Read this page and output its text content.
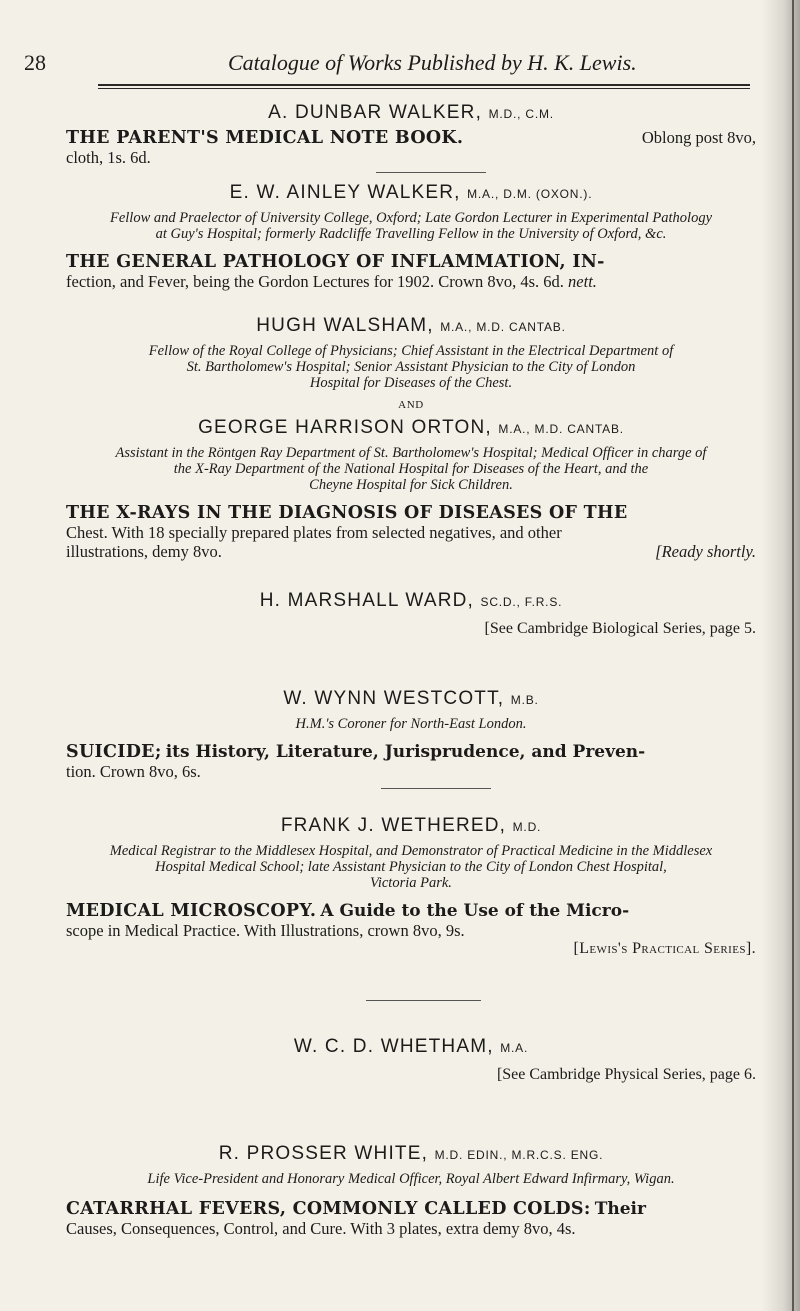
28	Catalogue of Works Published by H. K. Lewis.
A. DUNBAR WALKER, M.D., C.M.
THE PARENT'S MEDICAL NOTE BOOK.	Oblong post 8vo,

cloth, 1s. 6d.
E. W. AINLEY WALKER, M.A., D.M. (OXON.).
Fellow and Praelector of University College, Oxford; Late Gordon Lecturer in Experimental Pathology
at Guy's Hospital; formerly Radcliffe Travelling Fellow in the University of Oxford, &c.
THE GENERAL PATHOLOGY OF INFLAMMATION, IN-
fection, and Fever, being the Gordon Lectures for 1902. Crown 8vo, 4s. 6d. nett.
HUGH WALSHAM, M.A., M.D. CANTAB.
Fellow of the Royal College of Physicians; Chief Assistant in the Electrical Department of
St. Bartholomew's Hospital; Senior Assistant Physician to the City of London
Hospital for Diseases of the Chest.
AND
GEORGE HARRISON ORTON, M.A., M.D. CANTAB.
Assistant in the Röntgen Ray Department of St. Bartholomew's Hospital; Medical Officer in charge of
the X-Ray Department of the National Hospital for Diseases of the Heart, and the
Cheyne Hospital for Sick Children.
THE X-RAYS IN THE DIAGNOSIS OF DISEASES OF THE
Chest. With 18 specially prepared plates from selected negatives, and other
illustrations, demy 8vo.	[Ready shortly.
H. MARSHALL WARD, SC.D., F.R.S.
[See Cambridge Biological Series, page 5.
W. WYNN WESTCOTT, M.B.
H.M.'s Coroner for North-East London.
SUICIDE; its History, Literature, Jurisprudence, and Preven-
tion. Crown 8vo, 6s.
FRANK J. WETHERED, M.D.
Medical Registrar to the Middlesex Hospital, and Demonstrator of Practical Medicine in the Middlesex
Hospital Medical School; late Assistant Physician to the City of London Chest Hospital,
Victoria Park.
MEDICAL MICROSCOPY. A Guide to the Use of the Micro-
scope in Medical Practice. With Illustrations, crown 8vo, 9s.
[Lewis's Practical Series].
W. C. D. WHETHAM, M.A.
[See Cambridge Physical Series, page 6.
R. PROSSER WHITE, M.D. EDIN., M.R.C.S. ENG.
Life Vice-President and Honorary Medical Officer, Royal Albert Edward Infirmary, Wigan.
CATARRHAL FEVERS, COMMONLY CALLED COLDS: Their
Causes, Consequences, Control, and Cure. With 3 plates, extra demy 8vo, 4s.
